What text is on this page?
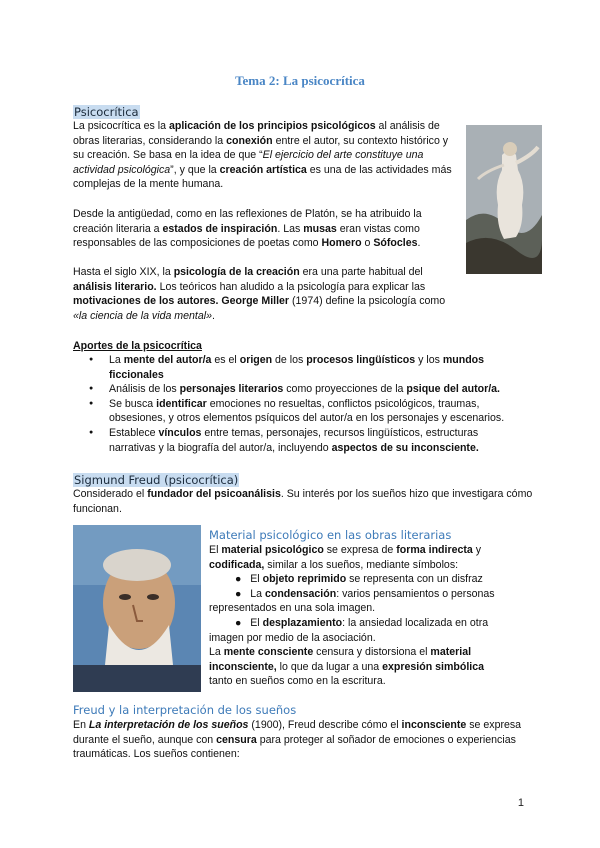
Tema 2: La psicocrítica
Psicocrítica

La psicocrítica es la aplicación de los principios psicológicos al análisis de obras literarias, considerando la conexión entre el autor, su contexto histórico y su creación. Se basa en la idea de que “El ejercicio del arte constituye una actividad psicológica”, y que la creación artística es una de las actividades más complejas de la mente humana.

Desde la antigüedad, como en las reflexiones de Platón, se ha atribuido la creación literaria a estados de inspiración. Las musas eran vistas como responsables de las composiciones de poetas como Homero o Sófocles.

Hasta el siglo XIX, la psicología de la creación era una parte habitual del análisis literario. Los teóricos han aludido a la psicología para explicar las motivaciones de los autores. George Miller (1974) define la psicología como «la ciencia de la vida mental».

Aportes de la psicocrítica
● La mente del autor/a es el origen de los procesos lingüísticos y los mundos ficcionales
● Análisis de los personajes literarios como proyecciones de la psique del autor/a.
● Se busca identificar emociones no resueltas, conflictos psicológicos, traumas, obsesiones, y otros elementos psíquicos del autor/a en los personajes y escenarios.
● Establece vínculos entre temas, personajes, recursos lingüísticos, estructuras narrativas y la biografía del autor/a, incluyendo aspectos de su inconsciente.
Sigmund Freud (psicocrítica)

Considerado el fundador del psicoanálisis. Su interés por los sueños hizo que investigara cómo funcionan.

Material psicológico en las obras literarias

El material psicológico se expresa de forma indirecta y codificada, similar a los sueños, mediante símbolos:

●   El objeto reprimido se representa con un disfraz

●   La condensación: varios pensamientos o personas representados en una sola imagen.

●   El desplazamiento: la ansiedad localizada en otra imagen por medio de la asociación.

La mente consciente censura y distorsiona el material inconsciente, lo que da lugar a una expresión simbólica tanto en sueños como en la escritura.

Freud y la interpretación de los sueños

En La interpretación de los sueños (1900), Freud describe cómo el inconsciente se expresa durante el sueño, aunque con censura para proteger al soñador de emociones o experiencias traumáticas. Los sueños contienen:

1
